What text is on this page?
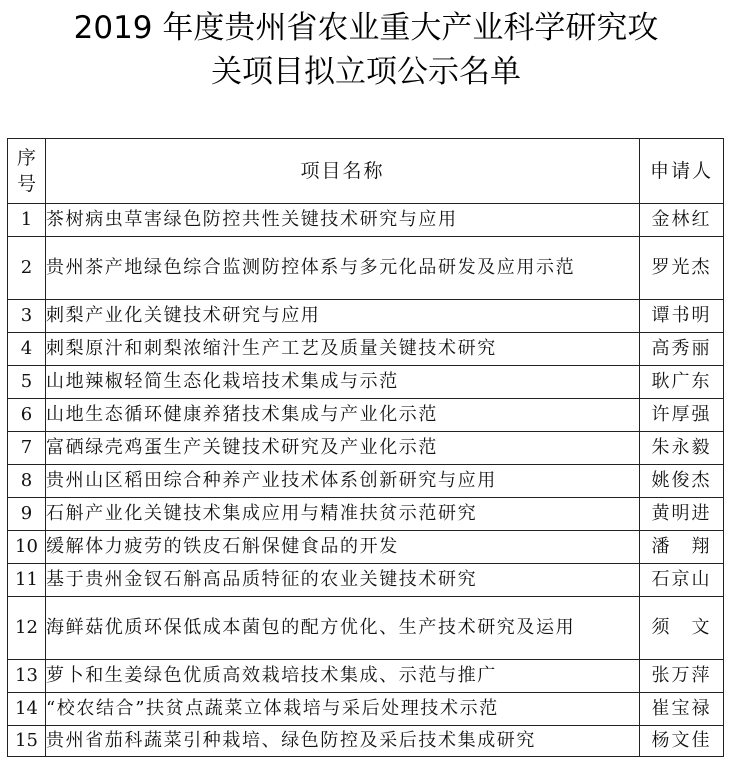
2019 年度贵州省农业重大产业科学研究攻
关项目拟立项公示名单
序
号	项目名称	申请人
1	茶树病虫草害绿色防控共性关键技术研究与应用	金林红
2	贵州茶产地绿色综合监测防控体系与多元化品研发及应用示范	罗光杰
3	刺梨产业化关键技术研究与应用	谭书明
4	刺梨原汁和刺梨浓缩汁生产工艺及质量关键技术研究	高秀丽
5	山地辣椒轻简生态化栽培技术集成与示范	耿广东
6	山地生态循环健康养猪技术集成与产业化示范	许厚强
7	富硒绿壳鸡蛋生产关键技术研究及产业化示范	朱永毅
8	贵州山区稻田综合种养产业技术体系创新研究与应用	姚俊杰
9	石斛产业化关键技术集成应用与精准扶贫示范研究	黄明进
10	缓解体力疲劳的铁皮石斛保健食品的开发	潘　翔
11	基于贵州金钗石斛高品质特征的农业关键技术研究	石京山
12	海鲜菇优质环保低成本菌包的配方优化、生产技术研究及运用	须　文
13	萝卜和生姜绿色优质高效栽培技术集成、示范与推广	张万萍
14	“校农结合”扶贫点蔬菜立体栽培与采后处理技术示范	崔宝禄
15	贵州省茄科蔬菜引种栽培、绿色防控及采后技术集成研究	杨文佳
